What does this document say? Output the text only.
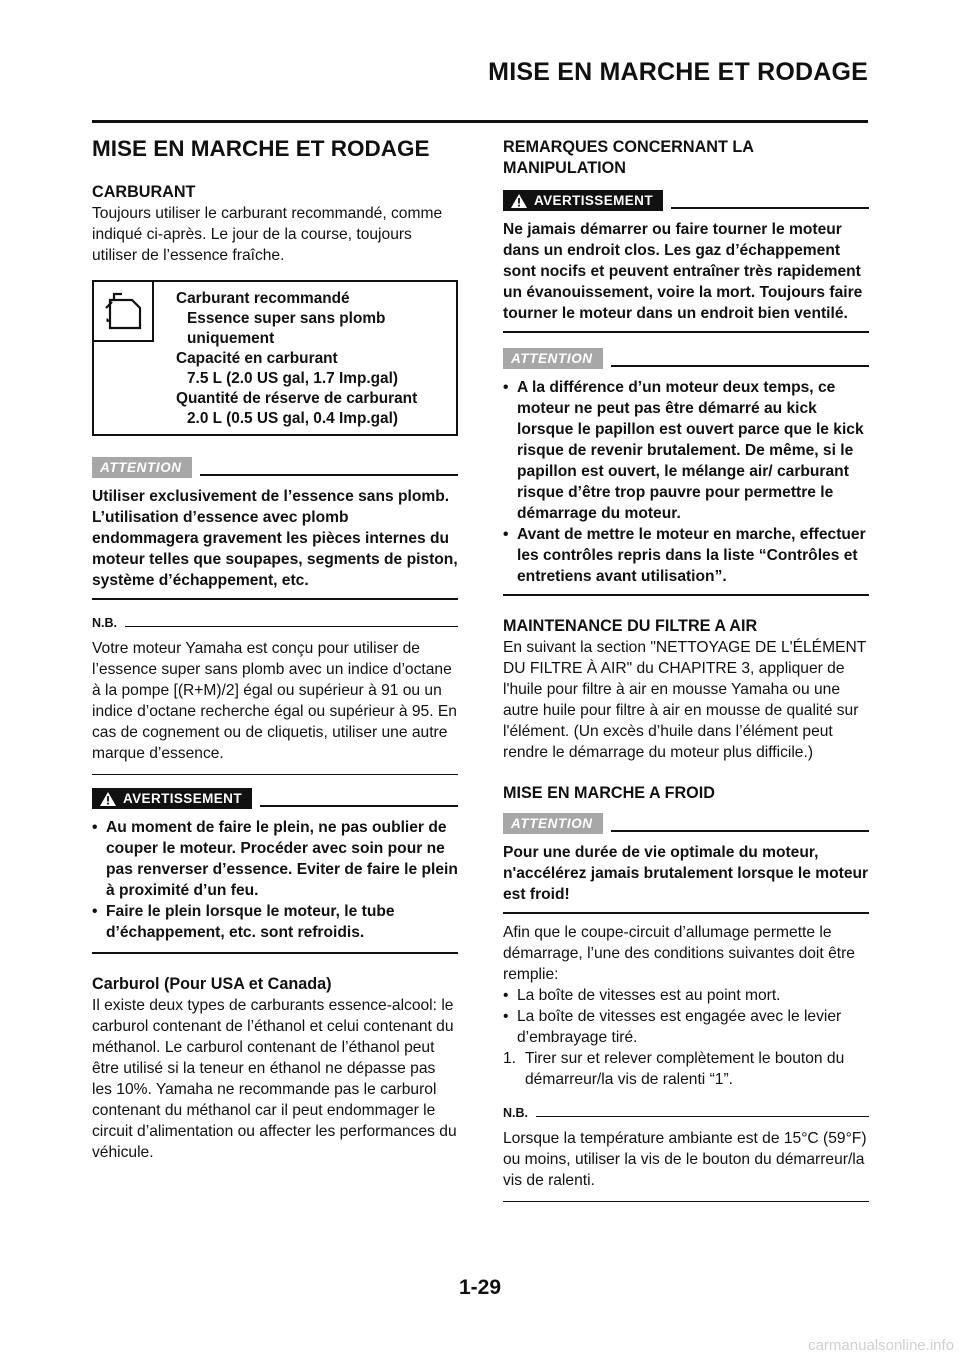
MISE EN MARCHE ET RODAGE
MISE EN MARCHE ET RODAGE
CARBURANT

Toujours utiliser le carburant recommandé, comme indiqué ci-après. Le jour de la course, toujours utiliser de l’essence fraîche.

Carburant recommandé
Essence super sans plomb uniquement
Capacité en carburant
7.5 L (2.0 US gal, 1.7 Imp.gal)
Quantité de réserve de carburant
2.0 L (0.5 US gal, 0.4 Imp.gal)
ATTENTION

Utiliser exclusivement de l’essence sans plomb. L’utilisation d’essence avec plomb endommagera gravement les pièces internes du moteur telles que soupapes, segments de piston, système d’échappement, etc.

N.B.

Votre moteur Yamaha est conçu pour utiliser de l’essence super sans plomb avec un indice d’octane à la pompe [(R+M)/2] égal ou supérieur à 91 ou un indice d’octane recherche égal ou supérieur à 95. En cas de cognement ou de cliquetis, utiliser une autre marque d’essence.

AVERTISSEMENT
• Au moment de faire le plein, ne pas oublier de couper le moteur. Procéder avec soin pour ne pas renverser d’essence. Eviter de faire le plein à proximité d’un feu.
• Faire le plein lorsque le moteur, le tube d’échappement, etc. sont refroidis.
Carburol (Pour USA et Canada)

Il existe deux types de carburants essence-alcool: le carburol contenant de l’éthanol et celui contenant du méthanol. Le carburol contenant de l’éthanol peut être utilisé si la teneur en éthanol ne dépasse pas les 10%. Yamaha ne recommande pas le carburol contenant du méthanol car il peut endommager le circuit d’alimentation ou affecter les performances du véhicule.

REMARQUES CONCERNANT LA MANIPULATION
AVERTISSEMENT

Ne jamais démarrer ou faire tourner le moteur dans un endroit clos. Les gaz d’échappement sont nocifs et peuvent entraîner très rapidement un évanouissement, voire la mort. Toujours faire tourner le moteur dans un endroit bien ventilé.

ATTENTION
• A la différence d’un moteur deux temps, ce moteur ne peut pas être démarré au kick lorsque le papillon est ouvert parce que le kick risque de revenir brutalement. De même, si le papillon est ouvert, le mélange air/ carburant risque d’être trop pauvre pour permettre le démarrage du moteur.
• Avant de mettre le moteur en marche, effectuer les contrôles repris dans la liste “Contrôles et entretiens avant utilisation”.
MAINTENANCE DU FILTRE A AIR

En suivant la section "NETTOYAGE DE L'ÉLÉMENT DU FILTRE À AIR" du CHAPITRE 3, appliquer de l'huile pour filtre à air en mousse Yamaha ou une autre huile pour filtre à air en mousse de qualité sur l'élément. (Un excès d’huile dans l’élément peut rendre le démarrage du moteur plus difficile.)

MISE EN MARCHE A FROID
ATTENTION

Pour une durée de vie optimale du moteur, n'accélérez jamais brutalement lorsque le moteur est froid!

Afin que le coupe-circuit d’allumage permette le démarrage, l’une des conditions suivantes doit être remplie:

• La boîte de vitesses est au point mort.
• La boîte de vitesses est engagée avec le levier d’embrayage tiré.
1. Tirer sur et relever complètement le bouton du démarreur/la vis de ralenti “1”.
N.B.

Lorsque la température ambiante est de 15°C (59°F) ou moins, utiliser la vis de le bouton du démarreur/la vis de ralenti.

1-29
carmanualsonline.info
